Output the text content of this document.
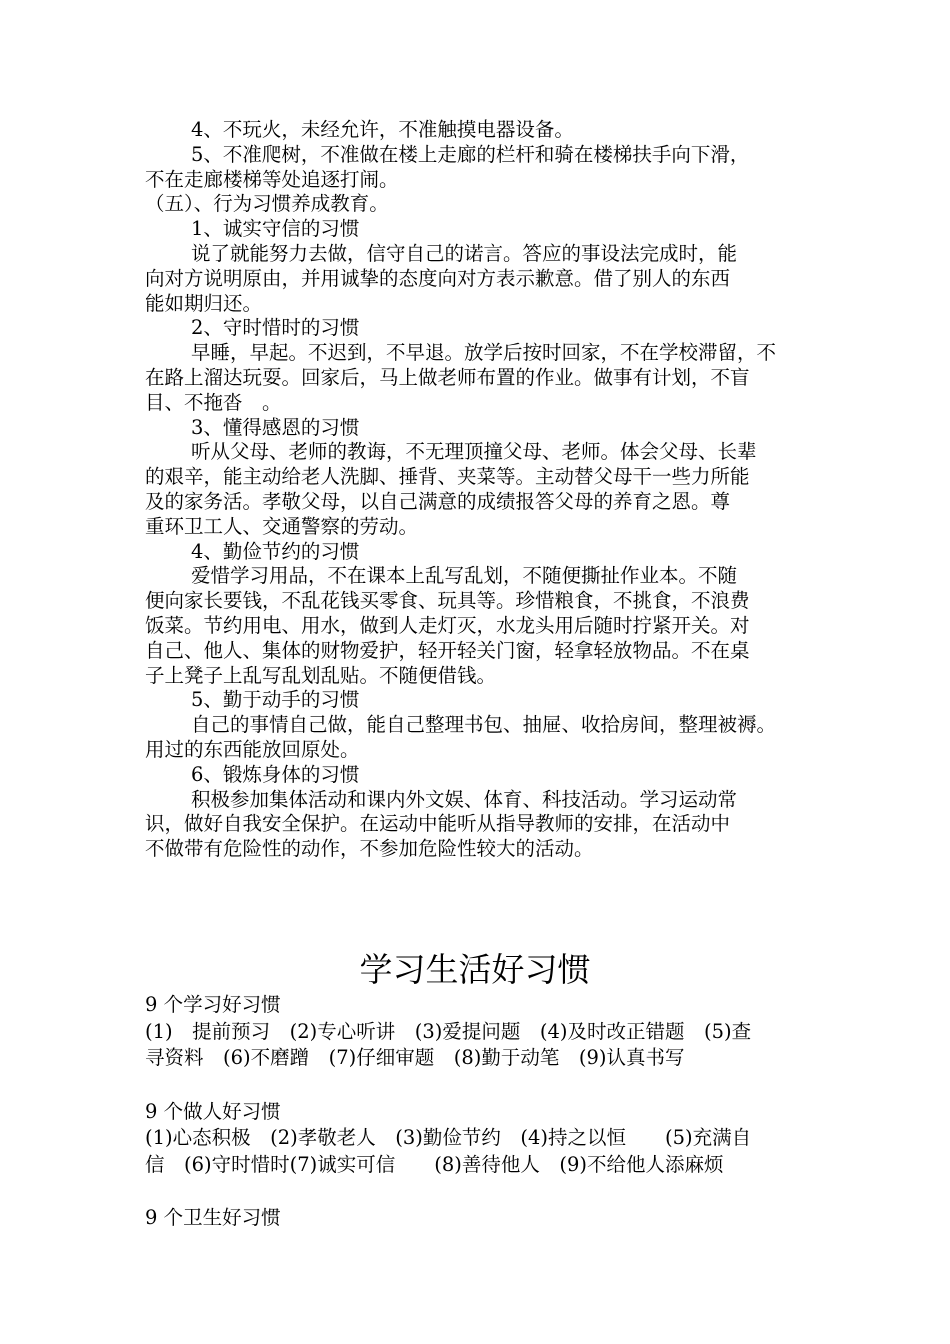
4、不玩火，未经允许，不准触摸电器设备。

5、不准爬树，不准做在楼上走廊的栏杆和骑在楼梯扶手向下滑，

不在走廊楼梯等处追逐打闹。

（五）、行为习惯养成教育。

1、诚实守信的习惯

说了就能努力去做，信守自己的诺言。答应的事设法完成时，能

向对方说明原由，并用诚挚的态度向对方表示歉意。借了别人的东西

能如期归还。

2、守时惜时的习惯

早睡，早起。不迟到，不早退。放学后按时回家，不在学校滞留，不

在路上溜达玩耍。回家后，马上做老师布置的作业。做事有计划，不盲

目、不拖沓　。

3、懂得感恩的习惯

听从父母、老师的教诲，不无理顶撞父母、老师。体会父母、长辈

的艰辛，能主动给老人洗脚、捶背、夹菜等。主动替父母干一些力所能

及的家务活。孝敬父母，以自己满意的成绩报答父母的养育之恩。尊

重环卫工人、交通警察的劳动。

4、勤俭节约的习惯

爱惜学习用品，不在课本上乱写乱划，不随便撕扯作业本。不随

便向家长要钱，不乱花钱买零食、玩具等。珍惜粮食，不挑食，不浪费

饭菜。节约用电、用水，做到人走灯灭，水龙头用后随时拧紧开关。对

自己、他人、集体的财物爱护，轻开轻关门窗，轻拿轻放物品。不在桌

子上凳子上乱写乱划乱贴。不随便借钱。

5、勤于动手的习惯

自己的事情自己做，能自己整理书包、抽屉、收拾房间，整理被褥。

用过的东西能放回原处。

6、锻炼身体的习惯

积极参加集体活动和课内外文娱、体育、科技活动。学习运动常

识，做好自我安全保护。在运动中能听从指导教师的安排，在活动中

不做带有危险性的动作，不参加危险性较大的活动。

学习生活好习惯

9 个学习好习惯

(1)　提前预习　(2)专心听讲　(3)爱提问题　(4)及时改正错题　(5)查

寻资料　(6)不磨蹭　(7)仔细审题　(8)勤于动笔　(9)认真书写

9 个做人好习惯

(1)心态积极　(2)孝敬老人　(3)勤俭节约　(4)持之以恒　　(5)充满自

信　(6)守时惜时(7)诚实可信　　(8)善待他人　(9)不给他人添麻烦

9 个卫生好习惯
